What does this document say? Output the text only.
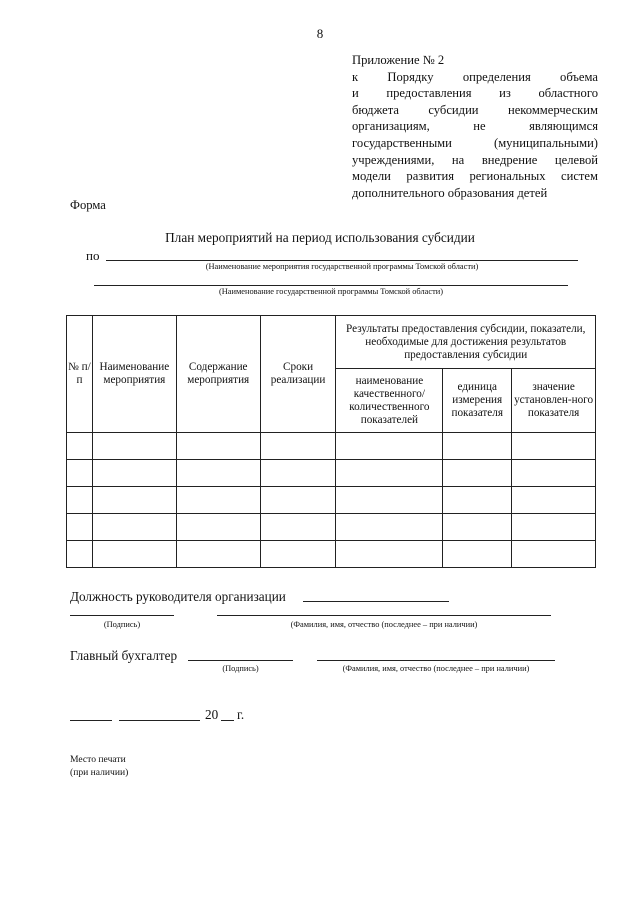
8
Приложение № 2
к Порядку определения объема
и предоставления из областного
бюджета субсидии некоммерческим
организациям, не являющимся
государственными (муниципальными)
учреждениями, на внедрение целевой
модели развития региональных систем
дополнительного образования детей
Форма
План мероприятий на период использования субсидии
по
(Наименование мероприятия государственной программы Томской области)
(Наименование государственной программы Томской области)
№ п/п	Наименование мероприятия	Содержание мероприятия	Сроки реализации	Результаты предоставления субсидии, показатели, необходимые для достижения результатов предоставления субсидии		
				наименование качественного/ количественного показателей	единица измерения показателя	значение установлен-ного показателя

Должность руководителя организации
(Подпись)	(Фамилия, имя, отчество (последнее – при наличии)
Главный бухгалтер
(Подпись)	(Фамилия, имя, отчество (последнее – при наличии)
20 г.
Место печати
(при наличии)
